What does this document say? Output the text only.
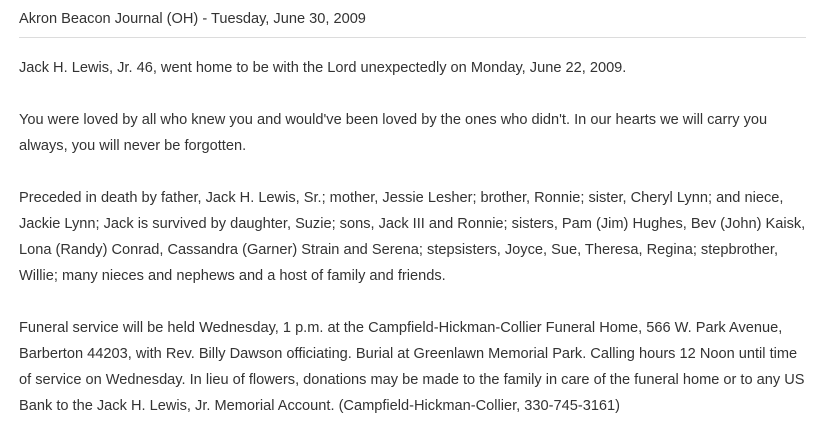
Akron Beacon Journal (OH) - Tuesday, June 30, 2009

Jack H. Lewis, Jr. 46, went home to be with the Lord unexpectedly on Monday, June 22, 2009.

You were loved by all who knew you and would've been loved by the ones who didn't. In our hearts we will carry you always, you will never be forgotten.

Preceded in death by father, Jack H. Lewis, Sr.; mother, Jessie Lesher; brother, Ronnie; sister, Cheryl Lynn; and niece, Jackie Lynn; Jack is survived by daughter, Suzie; sons, Jack III and Ronnie; sisters, Pam (Jim) Hughes, Bev (John) Kaisk, Lona (Randy) Conrad, Cassandra (Garner) Strain and Serena; stepsisters, Joyce, Sue, Theresa, Regina; stepbrother, Willie; many nieces and nephews and a host of family and friends.

Funeral service will be held Wednesday, 1 p.m. at the Campfield-Hickman-Collier Funeral Home, 566 W. Park Avenue, Barberton 44203, with Rev. Billy Dawson officiating. Burial at Greenlawn Memorial Park. Calling hours 12 Noon until time of service on Wednesday. In lieu of flowers, donations may be made to the family in care of the funeral home or to any US Bank to the Jack H. Lewis, Jr. Memorial Account. (Campfield-Hickman-Collier, 330-745-3161)
